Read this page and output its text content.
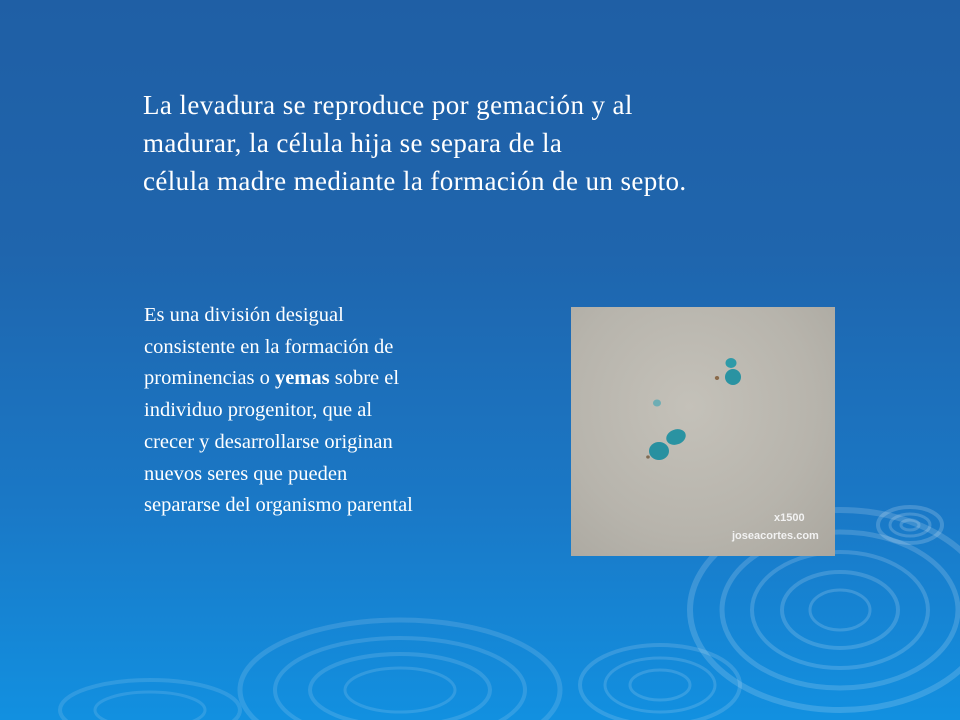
La levadura se reproduce por gemación y al
madurar, la célula hija se separa de la
célula madre mediante la formación de un septo.

Es una división desigual
consistente en la formación de
prominencias o yemas sobre el
individuo progenitor, que al
crecer y desarrollarse originan
nuevos seres que pueden
separarse del organismo parental

x1500
joseacortes.com
